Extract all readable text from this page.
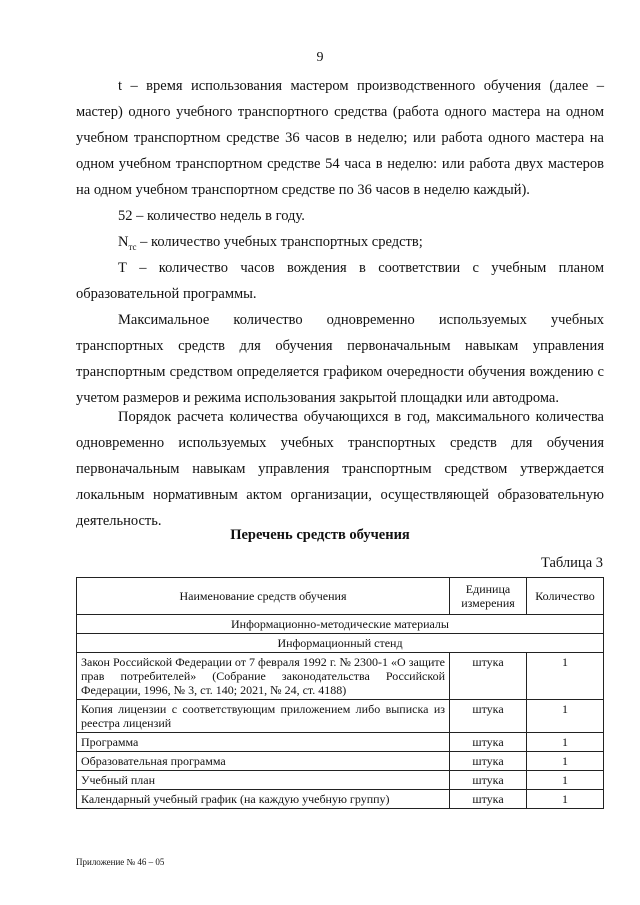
9

t – время использования мастером производственного обучения (далее – мастер) одного учебного транспортного средства (работа одного мастера на одном учебном транспортном средстве 36 часов в неделю; или работа одного мастера на одном учебном транспортном средстве 54 часа в неделю: или работа двух мастеров на одном учебном транспортном средстве по 36 часов в неделю каждый).

52 – количество недель в году.

$N_{тс}$ – количество учебных транспортных средств;

Т – количество часов вождения в соответствии с учебным планом образовательной программы.

Максимальное количество одновременно используемых учебных транспортных средств для обучения первоначальным навыкам управления транспортным средством определяется графиком очередности обучения вождению с учетом размеров и режима использования закрытой площадки или автодрома.

Порядок расчета количества обучающихся в год, максимального количества одновременно используемых учебных транспортных средств для обучения первоначальным навыкам управления транспортным средством утверждается локальным нормативным актом организации, осуществляющей образовательную деятельность.

Перечень средств обучения
Таблица 3
Наименование средств обучения	Единица измерения	Количество
Информационно-методические материалы		
Информационный стенд		
Закон Российской Федерации от 7 февраля 1992 г. № 2300-1 «О защите прав потребителей» (Собрание законодательства Российской Федерации, 1996, № 3, ст. 140; 2021, № 24, ст. 4188)	штука	1
Копия лицензии с соответствующим приложением либо выписка из реестра лицензий	штука	1
Программа	штука	1
Образовательная программа	штука	1
Учебный план	штука	1
Календарный учебный график (на каждую учебную группу)	штука	1
Приложение № 46 – 05
